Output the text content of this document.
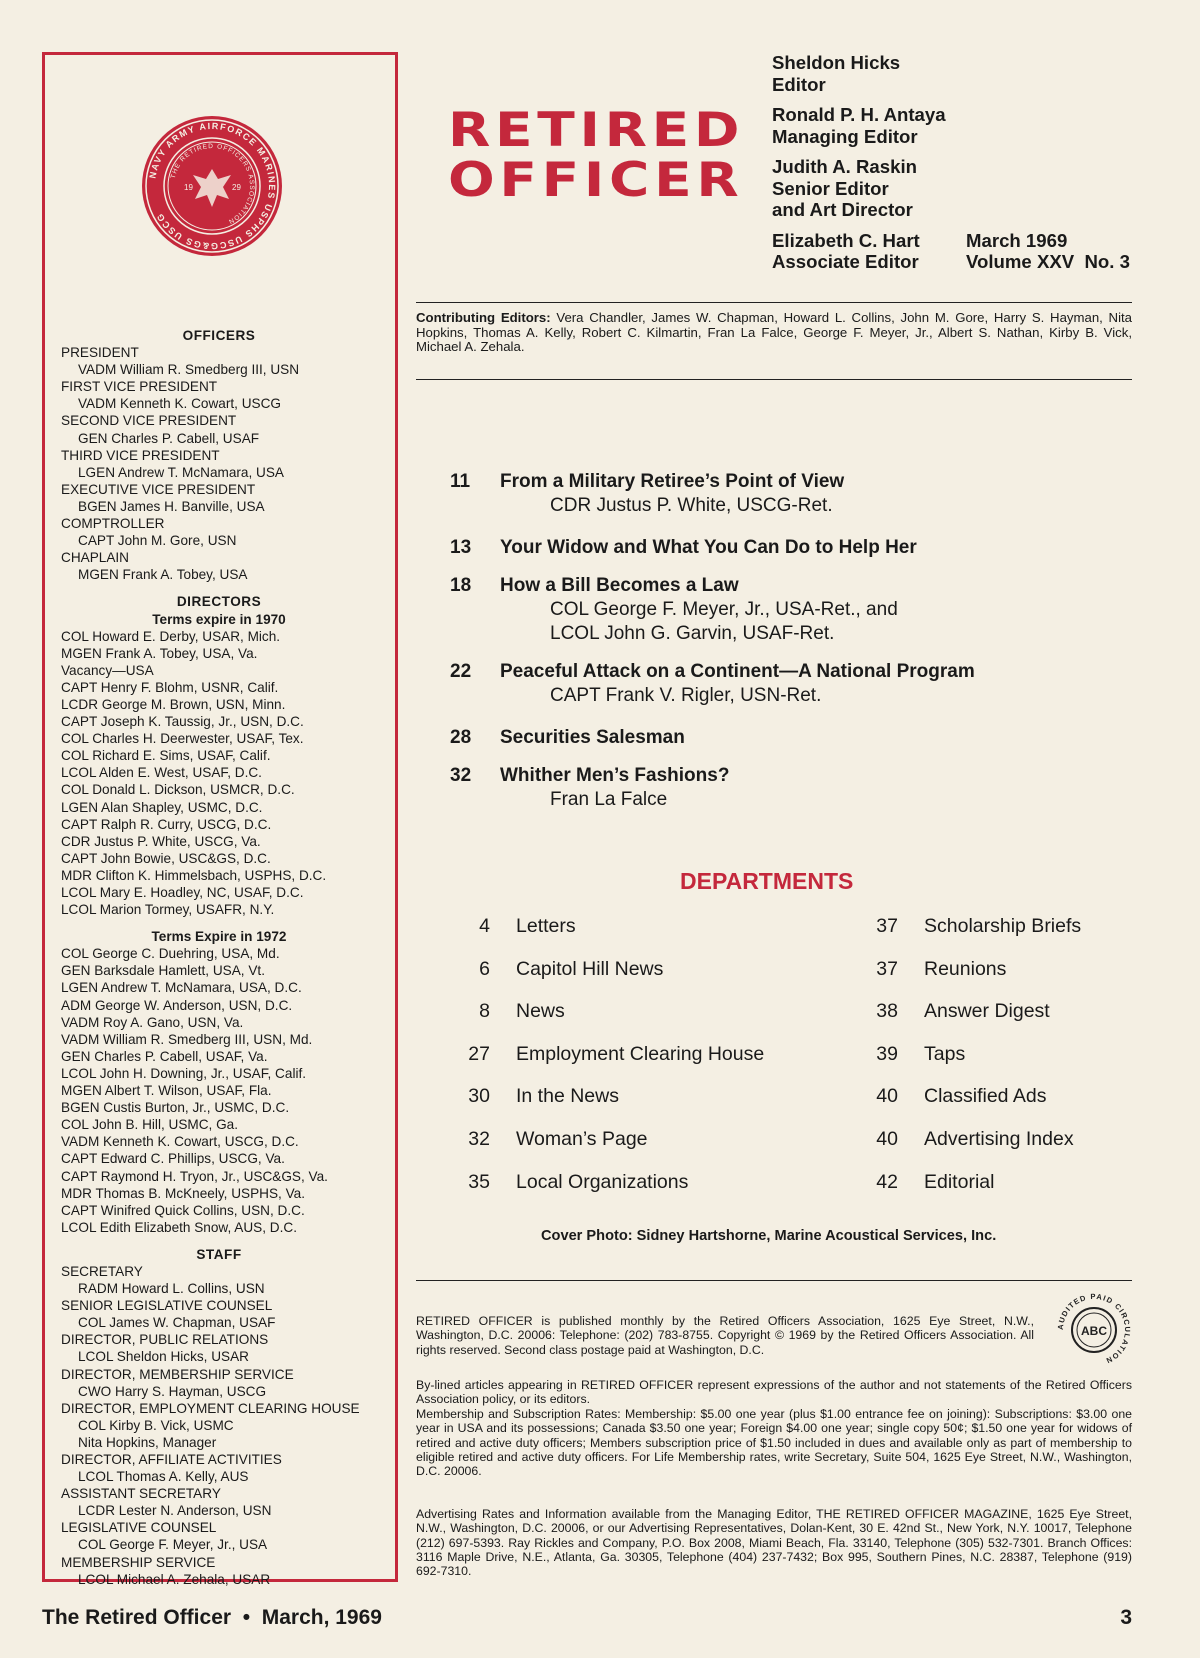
NAVY ARMY AIRFORCE MARINES USPHS USCG&GS USCG
THE RETIRED OFFICERS ASSOCIATION
19	29
OFFICERS
PRESIDENT
VADM William R. Smedberg III, USN
FIRST VICE PRESIDENT
VADM Kenneth K. Cowart, USCG
SECOND VICE PRESIDENT
GEN Charles P. Cabell, USAF
THIRD VICE PRESIDENT
LGEN Andrew T. McNamara, USA
EXECUTIVE VICE PRESIDENT
BGEN James H. Banville, USA
COMPTROLLER
CAPT John M. Gore, USN
CHAPLAIN
MGEN Frank A. Tobey, USA
DIRECTORS
Terms expire in 1970
COL Howard E. Derby, USAR, Mich.
MGEN Frank A. Tobey, USA, Va.
Vacancy—USA
CAPT Henry F. Blohm, USNR, Calif.
LCDR George M. Brown, USN, Minn.
CAPT Joseph K. Taussig, Jr., USN, D.C.
COL Charles H. Deerwester, USAF, Tex.
COL Richard E. Sims, USAF, Calif.
LCOL Alden E. West, USAF, D.C.
COL Donald L. Dickson, USMCR, D.C.
LGEN Alan Shapley, USMC, D.C.
CAPT Ralph R. Curry, USCG, D.C.
CDR Justus P. White, USCG, Va.
CAPT John Bowie, USC&GS, D.C.
MDR Clifton K. Himmelsbach, USPHS, D.C.
LCOL Mary E. Hoadley, NC, USAF, D.C.
LCOL Marion Tormey, USAFR, N.Y.
Terms Expire in 1972
COL George C. Duehring, USA, Md.
GEN Barksdale Hamlett, USA, Vt.
LGEN Andrew T. McNamara, USA, D.C.
ADM George W. Anderson, USN, D.C.
VADM Roy A. Gano, USN, Va.
VADM William R. Smedberg III, USN, Md.
GEN Charles P. Cabell, USAF, Va.
LCOL John H. Downing, Jr., USAF, Calif.
MGEN Albert T. Wilson, USAF, Fla.
BGEN Custis Burton, Jr., USMC, D.C.
COL John B. Hill, USMC, Ga.
VADM Kenneth K. Cowart, USCG, D.C.
CAPT Edward C. Phillips, USCG, Va.
CAPT Raymond H. Tryon, Jr., USC&GS, Va.
MDR Thomas B. McKneely, USPHS, Va.
CAPT Winifred Quick Collins, USN, D.C.
LCOL Edith Elizabeth Snow, AUS, D.C.
STAFF
SECRETARY
RADM Howard L. Collins, USN
SENIOR LEGISLATIVE COUNSEL
COL James W. Chapman, USAF
DIRECTOR, PUBLIC RELATIONS
LCOL Sheldon Hicks, USAR
DIRECTOR, MEMBERSHIP SERVICE
CWO Harry S. Hayman, USCG
DIRECTOR, EMPLOYMENT CLEARING HOUSE
COL Kirby B. Vick, USMC
Nita Hopkins, Manager
DIRECTOR, AFFILIATE ACTIVITIES
LCOL Thomas A. Kelly, AUS
ASSISTANT SECRETARY
LCDR Lester N. Anderson, USN
LEGISLATIVE COUNSEL
COL George F. Meyer, Jr., USA
MEMBERSHIP SERVICE
LCOL Michael A. Zehala, USAR
RETIRED
OFFICER
Sheldon Hicks
Editor
Ronald P. H. Antaya
Managing Editor
Judith A. Raskin
Senior Editor
and Art Director
Elizabeth C. Hart
Associate Editor
March 1969
Volume XXV  No. 3
Contributing Editors: Vera Chandler, James W. Chapman, Howard L. Collins, John M. Gore, Harry S. Hayman, Nita Hopkins, Thomas A. Kelly, Robert C. Kilmartin, Fran La Falce, George F. Meyer, Jr., Albert S. Nathan, Kirby B. Vick, Michael A. Zehala.
11	From a Military Retiree’s Point of View
CDR Justus P. White, USCG-Ret.
13	Your Widow and What You Can Do to Help Her
18	How a Bill Becomes a Law
COL George F. Meyer, Jr., USA-Ret., and
LCOL John G. Garvin, USAF-Ret.
22	Peaceful Attack on a Continent—A National Program
CAPT Frank V. Rigler, USN-Ret.
28	Securities Salesman
32	Whither Men’s Fashions?
Fran La Falce
DEPARTMENTS
4 Letters
6 Capitol Hill News
8 News
27 Employment Clearing House
30 In the News
32 Woman’s Page
35 Local Organizations
37 Scholarship Briefs
37 Reunions
38 Answer Digest
39 Taps
40 Classified Ads
40 Advertising Index
42 Editorial
Cover Photo: Sidney Hartshorne, Marine Acoustical Services, Inc.
RETIRED OFFICER is published monthly by the Retired Officers Association, 1625 Eye Street, N.W., Washington, D.C. 20006: Telephone: (202) 783-8755. Copyright © 1969 by the Retired Officers Association. All rights reserved. Second class postage paid at Washington, D.C.
AUDITED PAID CIRCULATION
ABC
By-lined articles appearing in RETIRED OFFICER represent expressions of the author and not statements of the Retired Officers Association policy, or its editors.
Membership and Subscription Rates: Membership: $5.00 one year (plus $1.00 entrance fee on joining): Subscriptions: $3.00 one year in USA and its possessions; Canada $3.50 one year; Foreign $4.00 one year; single copy 50¢; $1.50 one year for widows of retired and active duty officers; Members subscription price of $1.50 included in dues and available only as part of membership to eligible retired and active duty officers. For Life Membership rates, write Secretary, Suite 504, 1625 Eye Street, N.W., Washington, D.C. 20006.
Advertising Rates and Information available from the Managing Editor, THE RETIRED OFFICER MAGAZINE, 1625 Eye Street, N.W., Washington, D.C. 20006, or our Advertising Representatives, Dolan-Kent, 30 E. 42nd St., New York, N.Y. 10017, Telephone (212) 697-5393. Ray Rickles and Company, P.O. Box 2008, Miami Beach, Fla. 33140, Telephone (305) 532-7301. Branch Offices: 3116 Maple Drive, N.E., Atlanta, Ga. 30305, Telephone (404) 237-7432; Box 995, Southern Pines, N.C. 28387, Telephone (919) 692-7310.
The Retired Officer  •  March, 1969	3
